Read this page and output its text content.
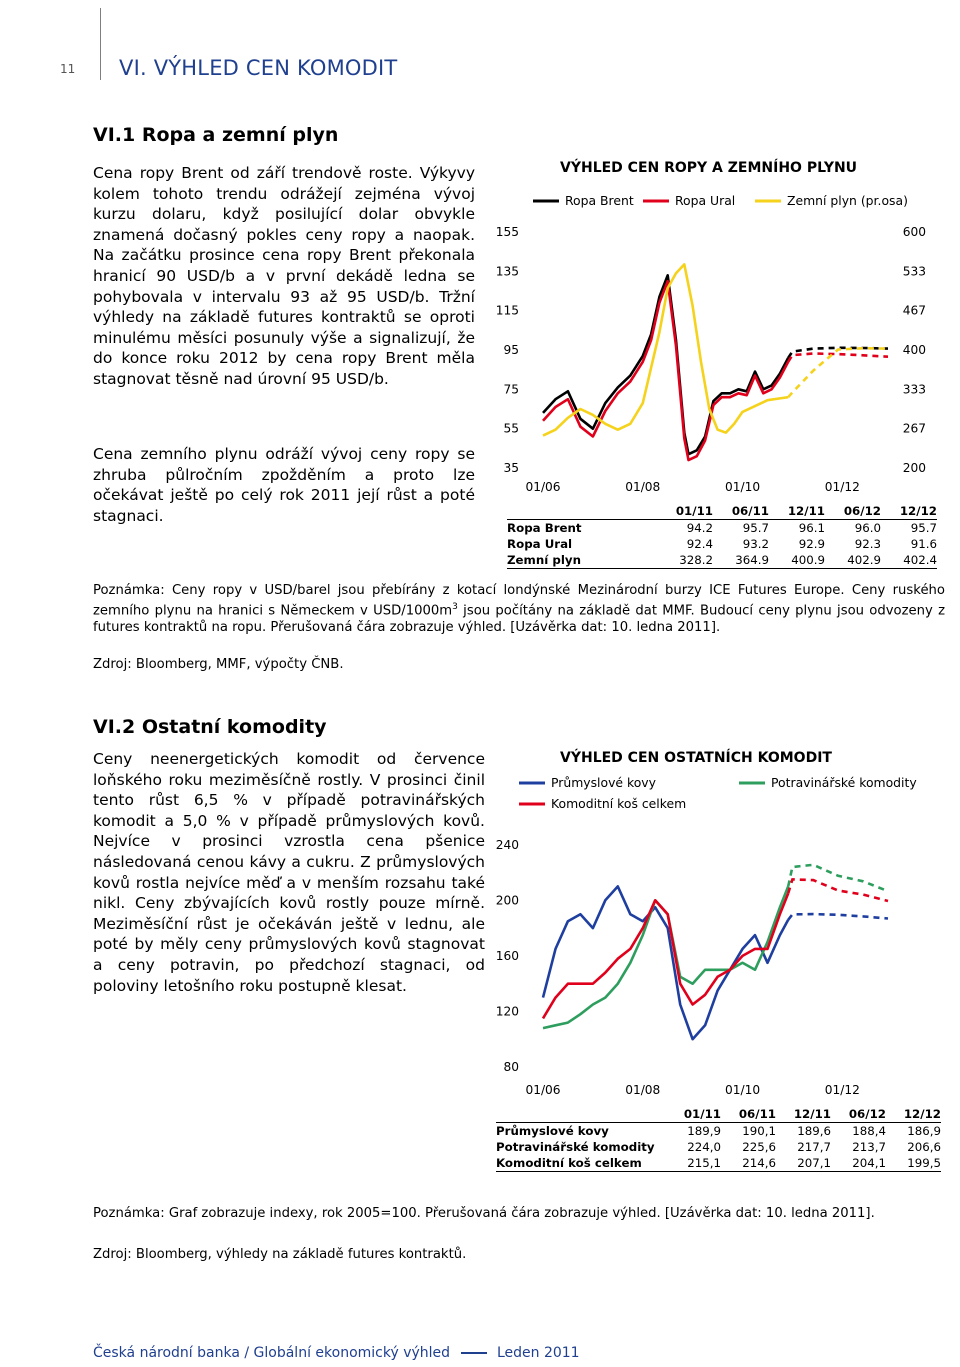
11 VI. VÝHLED CEN KOMODIT
VI.1 Ropa a zemní plyn
Cena ropy Brent od září trendově roste. Výkyvy kolem tohoto trendu odrážejí zejména vývoj kurzu dolaru, když posilující dolar obvykle znamená dočasný pokles ceny ropy a naopak. Na začátku prosince cena ropy Brent překonala hranicí 90 USD/b a v první dekádě ledna se pohybovala v intervalu 93 až 95 USD/b. Tržní výhledy na základě futures kontraktů se oproti minulému měsíci posunuly výše a signalizují, že do konce roku 2012 by cena ropy Brent měla stagnovat těsně nad úrovní 95 USD/b.
Cena zemního plynu odráží vývoj ceny ropy se zhruba půlročním zpožděním a proto lze očekávat ještě po celý rok 2011 její růst a poté stagnaci.
VÝHLED CEN ROPY A ZEMNÍHO PLYNU
155
135
115
95
75
55
35
600
533
467
400
333
267
200
01/06	01/08	01/10	01/12
Ropa Brent	Ropa Ural	Zemní plyn (pr.osa)
	01/11	06/11	12/11	06/12	12/12
Ropa Brent	94.2	95.7	96.1	96.0	95.7
Ropa Ural	92.4	93.2	92.9	92.3	91.6
Zemní plyn	328.2	364.9	400.9	402.9	402.4
Poznámka: Ceny ropy v USD/barel jsou přebírány z kotací londýnské Mezinárodní burzy ICE Futures Europe. Ceny ruského zemního plynu na hranici s Německem v USD/$1000m^3$ jsou počítány na základě dat MMF. Budoucí ceny plynu jsou odvozeny z futures kontraktů na ropu. Přerušovaná čára zobrazuje výhled. [Uzávěrka dat: 10. ledna 2011].
Zdroj: Bloomberg, MMF, výpočty ČNB.
VI.2 Ostatní komodity
Ceny neenergetických komodit od července loňského roku meziměsíčně rostly. V prosinci činil tento růst 6,5 % v případě potravinářských komodit a 5,0 % v případě průmyslových kovů. Nejvíce v prosinci vzrostla cena pšenice následovaná cenou kávy a cukru. Z průmyslových kovů rostla nejvíce měď a v menším rozsahu také nikl. Ceny zbývajících kovů rostly pouze mírně. Meziměsíční růst je očekáván ještě v lednu, ale poté by měly ceny průmyslových kovů stagnovat a ceny potravin, po předchozí stagnaci, od poloviny letošního roku postupně klesat.
VÝHLED CEN OSTATNÍCH KOMODIT
240
200
160
120
80
01/06	01/08	01/10	01/12
Průmyslové kovy	Potravinářské komodity
Komoditní koš celkem
	01/11	06/11	12/11	06/12	12/12
Průmyslové kovy	189,9	190,1	189,6	188,4	186,9
Potravinářské komodity	224,0	225,6	217,7	213,7	206,6
Komoditní koš celkem	215,1	214,6	207,1	204,1	199,5
Poznámka: Graf zobrazuje indexy, rok 2005=100. Přerušovaná čára zobrazuje výhled. [Uzávěrka dat: 10. ledna 2011].
Zdroj: Bloomberg, výhledy na základě futures kontraktů.
Česká národní banka / Globální ekonomický výhled	Leden 2011
